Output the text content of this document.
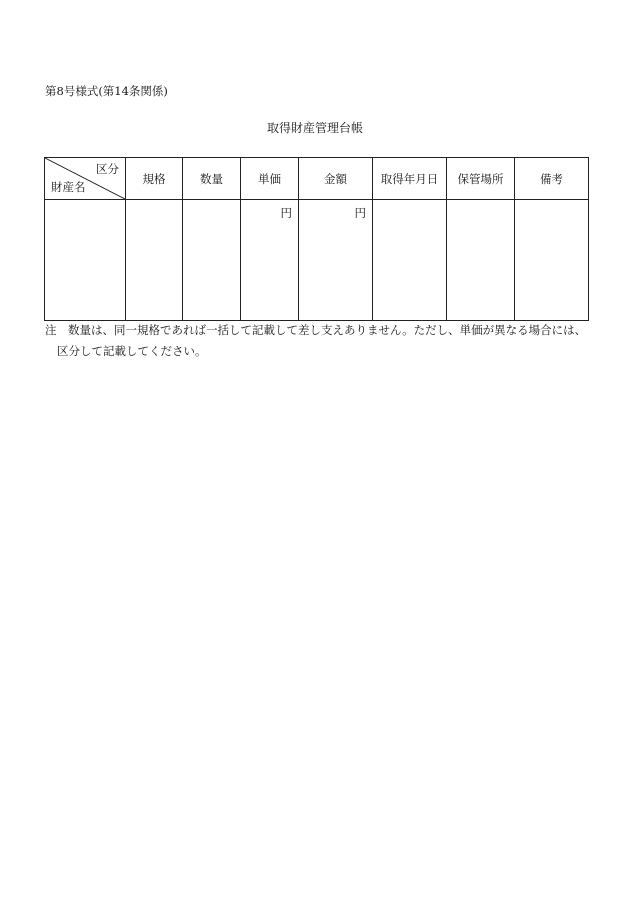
第8号様式(第14条関係)
取得財産管理台帳
区分
財産名	規格	数量	単価	金額	取得年月日	保管場所	備考

			円	円			

注 数量は、同一規格であれば一括して記載して差し支えありません。ただし、単価が異なる場合には、
区分して記載してください。
